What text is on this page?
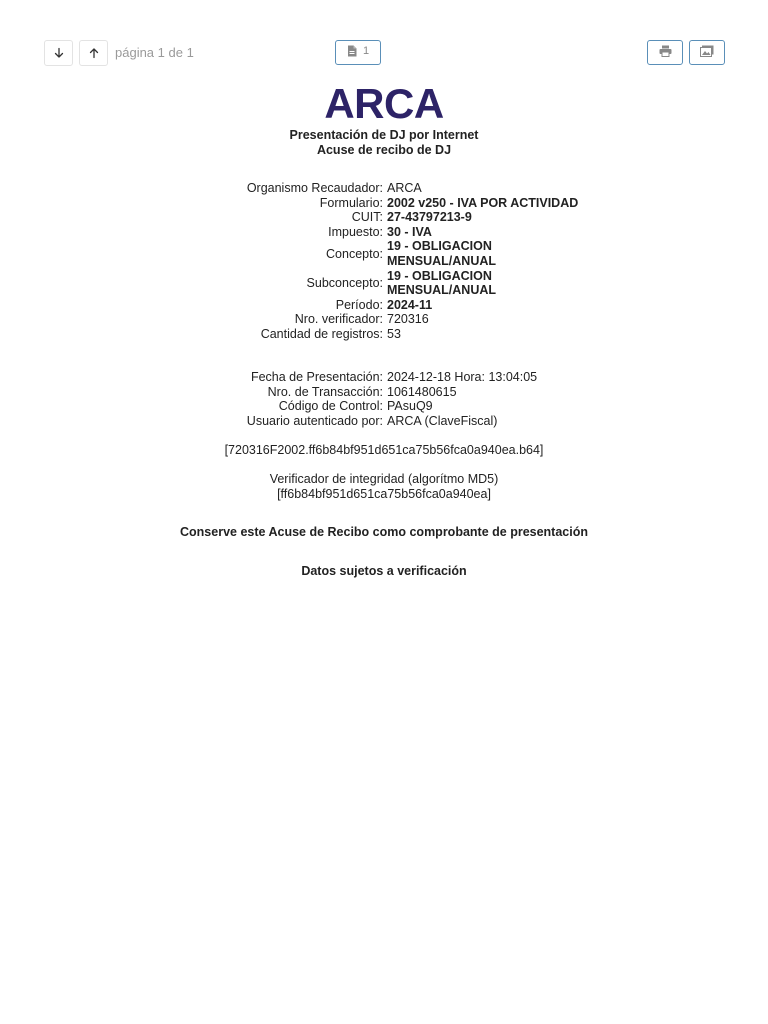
página 1 de 1	1
ARCA
Presentación de DJ por Internet
Acuse de recibo de DJ
Organismo Recaudador: ARCA
Formulario: 2002 v250 - IVA POR ACTIVIDAD
CUIT: 27-43797213-9
Impuesto: 30 - IVA
Concepto:
19 - OBLIGACION MENSUAL/ANUAL
Subconcepto:
19 - OBLIGACION MENSUAL/ANUAL
Período: 2024-11
Nro. verificador: 720316
Cantidad de registros: 53
Fecha de Presentación: 2024-12-18 Hora: 13:04:05
Nro. de Transacción: 1061480615
Código de Control: PAsuQ9
Usuario autenticado por: ARCA (ClaveFiscal)
[720316F2002.ff6b84bf951d651ca75b56fca0a940ea.b64]
Verificador de integridad (algorítmo MD5)
[ff6b84bf951d651ca75b56fca0a940ea]
Conserve este Acuse de Recibo como comprobante de presentación
Datos sujetos a verificación
